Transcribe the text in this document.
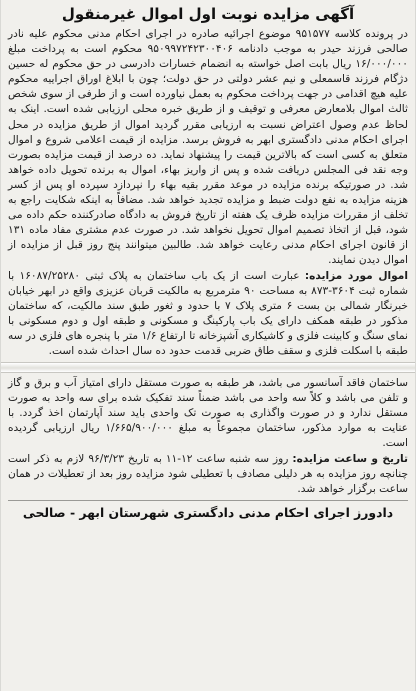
آگهی مزایده نوبت اول اموال غیرمنقول

در پرونده کلاسه ۹۵۱۵۷۷ موضوع اجرائیه صادره در اجرای احکام مدنی محکوم علیه نادر صالحی فرزند حیدر به موجب دادنامه ۹۵۰۹۹۷۲۴۲۳۰۰۴۰۶ محکوم است به پرداخت مبلغ ۱۶/۰۰۰/۰۰۰ ریال بابت اصل خواسته به انضمام خسارات دادرسی در حق محکوم له حسین دژگام فرزند قاسمعلی و نیم عشر دولتی در حق دولت؛ چون با ابلاغ اوراق اجراییه محکوم علیه هیچ اقدامی در جهت پرداخت محکوم به بعمل نیاورده است و از طرفی از سوی شخص ثالث اموال بلامعارض معرفی و توقیف و از طریق خبره محلی ارزیابی شده است. اینک به لحاظ عدم وصول اعتراض نسبت به ارزیابی مقرر گردید اموال از طریق مزایده در محل اجرای احکام مدنی دادگستری ابهر به فروش برسد. مزایده از قیمت اعلامی شروع و اموال متعلق به کسی است که بالاترین قیمت را پیشنهاد نماید. ده درصد از قیمت مزایده بصورت وجه نقد فی المجلس دریافت شده و پس از واریز بهاء، اموال به برنده تحویل داده خواهد شد. در صورتیکه برنده مزایده در موعد مقرر بقیه بهاء را نپردازد سپرده او پس از کسر هزینه مزایده به نفع دولت ضبط و مزایده تجدید خواهد شد. مضافاً به اینکه شکایت راجع به تخلف از مقررات مزایده ظرف یک هفته از تاریخ فروش به دادگاه صادرکننده حکم داده می شود، قبل از اتخاذ تصمیم اموال تحویل نخواهد شد. در صورت عدم مشتری مفاد ماده ۱۳۱ از قانون اجرای احکام مدنی رعایت خواهد شد. طالبین میتوانند پنج روز قبل از مزایده از اموال دیدن نمایند.

اموال مورد مزایده: عبارت است از یک باب ساختمان به پلاک ثبتی ۱۶۰۸۷/۲۵۲۸۰ با شماره ثبت ۳۶۰۴-۸۷۳ به مساحت ۹۰ مترمربع به مالکیت قربان عزیزی واقع در ابهر خیابان خبرنگار شمالی بن بست ۶ متری پلاک ۷ با حدود و ثغور طبق سند مالکیت، که ساختمان مذکور در طبقه همکف دارای یک باب پارکینگ و مسکونی و طبقه اول و دوم مسکونی با نمای سنگ و کابینت فلزی و کاشیکاری آشپزخانه تا ارتفاع ۱/۶ متر با پنجره های فلزی در سه طبقه با اسکلت فلزی و سقف طاق ضربی قدمت حدود ده سال احداث شده است.

ساختمان فاقد آسانسور می باشد، هر طبقه به صورت مستقل دارای امتیاز آب و برق و گاز و تلفن می باشد و کلاً سه واحد می باشد ضمناً سند تفکیک شده برای سه واحد به صورت مستقل ندارد و در صورت واگذاری به صورت تک واحدی باید سند آپارتمان اخذ گردد. با عنایت به موارد مذکور، ساختمان مجموعاً به مبلغ ۱/۶۶۵/۹۰۰/۰۰۰ ریال ارزیابی گردیده است.

تاریخ و ساعت مزایده: روز سه شنبه ساعت ۱۲-۱۱ به تاریخ ۹۶/۳/۲۳ لازم به ذکر است چنانچه روز مزایده به هر دلیلی مصادف با تعطیلی شود مزایده روز بعد از تعطیلات در همان ساعت برگزار خواهد شد.

دادورز اجرای احکام مدنی دادگستری شهرستان ابهر - صالحی
